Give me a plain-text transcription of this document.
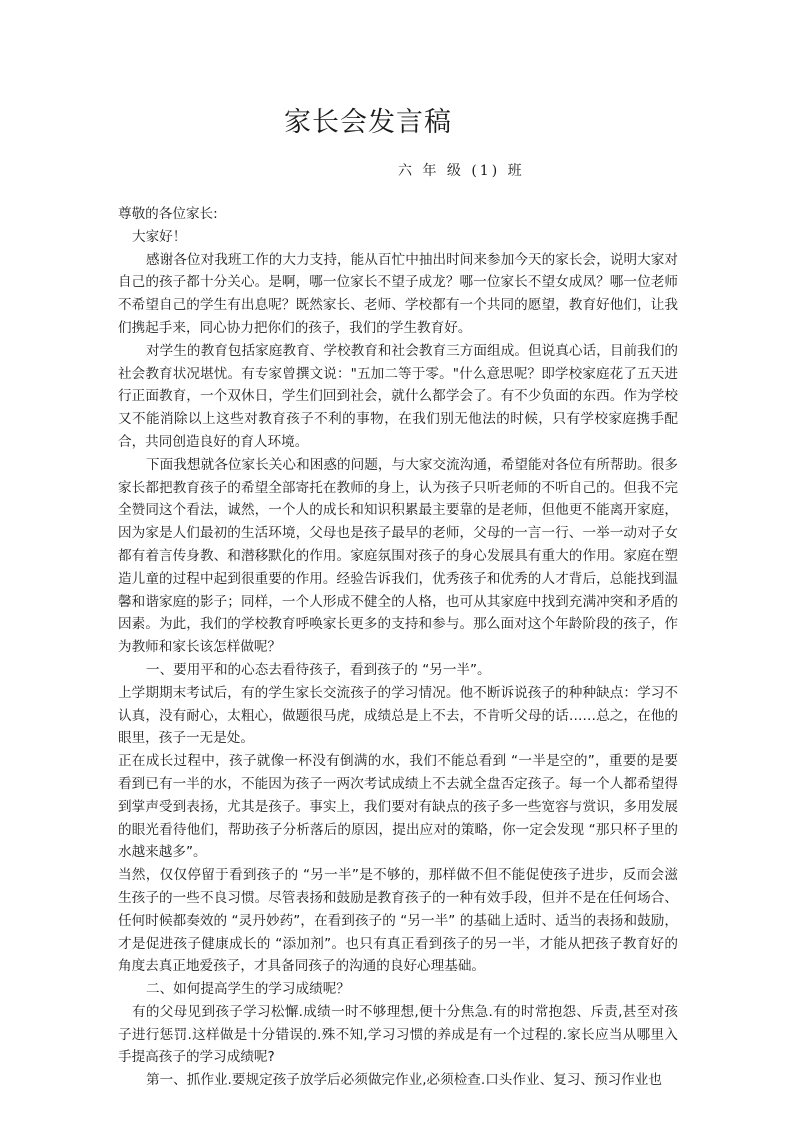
家长会发言稿
六 年 级 (1) 班

尊敬的各位家长:

大家好！

感谢各位对我班工作的大力支持，能从百忙中抽出时间来参加今天的家长会，说明大家对自己的孩子都十分关心。是啊，哪一位家长不望子成龙？哪一位家长不望女成凤？哪一位老师不希望自己的学生有出息呢？既然家长、老师、学校都有一个共同的愿望，教育好他们，让我们携起手来，同心协力把你们的孩子，我们的学生教育好。

对学生的教育包括家庭教育、学校教育和社会教育三方面组成。但说真心话，目前我们的社会教育状况堪忧。有专家曾撰文说："五加二等于零。"什么意思呢？即学校家庭花了五天进行正面教育，一个双休日，学生们回到社会，就什么都学会了。有不少负面的东西。作为学校又不能消除以上这些对教育孩子不利的事物，在我们别无他法的时候，只有学校家庭携手配合，共同创造良好的育人环境。

下面我想就各位家长关心和困惑的问题，与大家交流沟通，希望能对各位有所帮助。很多家长都把教育孩子的希望全部寄托在教师的身上，认为孩子只听老师的不听自己的。但我不完全赞同这个看法，诚然，一个人的成长和知识积累最主要靠的是老师，但他更不能离开家庭，因为家是人们最初的生活环境，父母也是孩子最早的老师，父母的一言一行、一举一动对子女都有着言传身教、和潜移默化的作用。家庭氛围对孩子的身心发展具有重大的作用。家庭在塑造儿童的过程中起到很重要的作用。经验告诉我们，优秀孩子和优秀的人才背后，总能找到温馨和谐家庭的影子；同样，一个人形成不健全的人格，也可从其家庭中找到充满冲突和矛盾的因素。为此，我们的学校教育呼唤家长更多的支持和参与。那么面对这个年龄阶段的孩子，作为教师和家长该怎样做呢？

一、要用平和的心态去看待孩子，看到孩子的 “另一半”。

上学期期末考试后，有的学生家长交流孩子的学习情况。他不断诉说孩子的种种缺点：学习不认真，没有耐心，太粗心，做题很马虎，成绩总是上不去，不肯听父母的话……总之，在他的眼里，孩子一无是处。

正在成长过程中，孩子就像一杯没有倒满的水，我们不能总看到 “一半是空的”，重要的是要看到已有一半的水，不能因为孩子一两次考试成绩上不去就全盘否定孩子。每一个人都希望得到掌声受到表扬，尤其是孩子。事实上，我们要对有缺点的孩子多一些宽容与赏识，多用发展的眼光看待他们，帮助孩子分析落后的原因，提出应对的策略，你一定会发现 “那只杯子里的水越来越多”。

当然，仅仅停留于看到孩子的 “另一半”是不够的，那样做不但不能促使孩子进步，反而会滋生孩子的一些不良习惯。尽管表扬和鼓励是教育孩子的一种有效手段，但并不是在任何场合、任何时候都奏效的 “灵丹妙药”，在看到孩子的 “另一半” 的基础上适时、适当的表扬和鼓励，才是促进孩子健康成长的 “添加剂”。也只有真正看到孩子的另一半，才能从把孩子教育好的角度去真正地爱孩子，才具备同孩子的沟通的良好心理基础。

二、如何提高学生的学习成绩呢？

有的父母见到孩子学习松懈.成绩一时不够理想,便十分焦急.有的时常抱怨、斥责,甚至对孩子进行惩罚.这样做是十分错误的.殊不知,学习习惯的养成是有一个过程的.家长应当从哪里入手提高孩子的学习成绩呢?

第一、抓作业.要规定孩子放学后必须做完作业,必须检查.口头作业、复习、预习作业也
